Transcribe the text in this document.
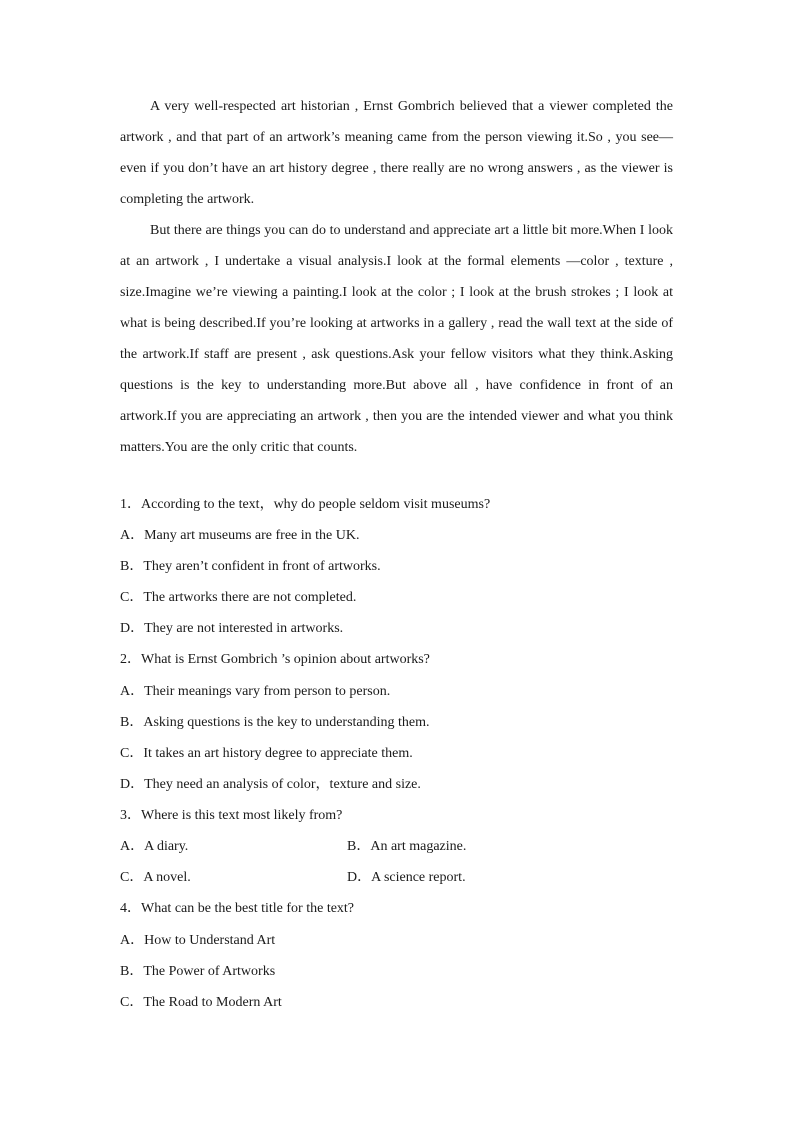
A very well-respected art historian , Ernst Gombrich believed that a viewer completed the artwork , and that part of an artwork’s meaning came from the person viewing it.So , you see—even if you don’t have an art history degree , there really are no wrong answers , as the viewer is completing the artwork.

But there are things you can do to understand and appreciate art a little bit more.When I look at an artwork , I undertake a visual analysis.I look at the formal elements —color , texture , size.Imagine we’re viewing a painting.I look at the color ; I look at the brush strokes ; I look at what is being described.If you’re looking at artworks in a gallery , read the wall text at the side of the artwork.If staff are present , ask questions.Ask your fellow visitors what they think.Asking questions is the key to understanding more.But above all , have confidence in front of an artwork.If you are appreciating an artwork , then you are the intended viewer and what you think matters.You are the only critic that counts.

1．According to the text，why do people seldom visit museums?
A．Many art museums are free in the UK.
B．They aren’t confident in front of artworks.
C．The artworks there are not completed.
D．They are not interested in artworks.
2．What is Ernst Gombrich ’s opinion about artworks?
A．Their meanings vary from person to person.
B．Asking questions is the key to understanding them.
C．It takes an art history degree to appreciate them.
D．They need an analysis of color，texture and size.
3．Where is this text most likely from?
A．A diary.	B．An art magazine.
C．A novel.	D．A science report.
4．What can be the best title for the text?
A．How to Understand Art
B．The Power of Artworks
C．The Road to Modern Art
